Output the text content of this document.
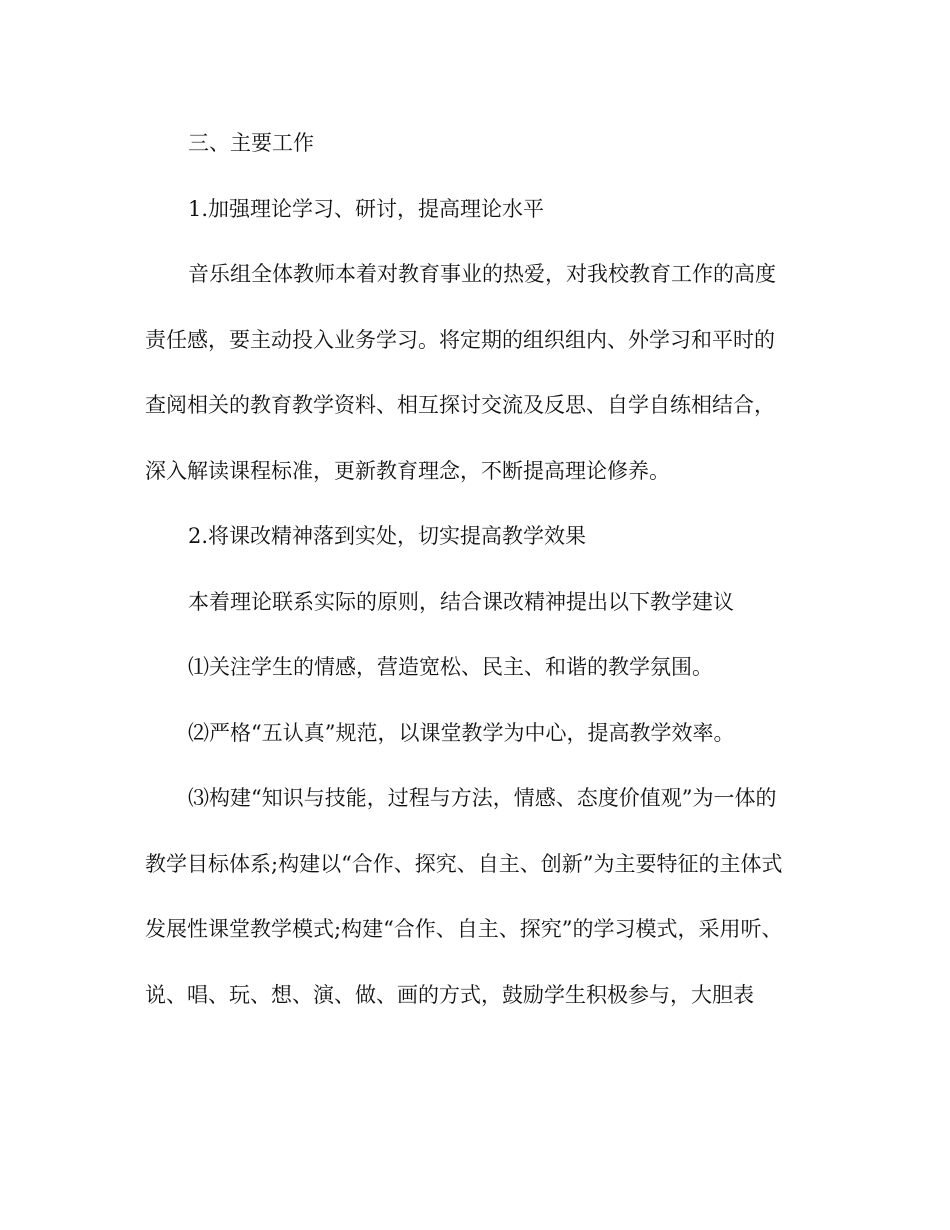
三、主要工作
1.加强理论学习、研讨，提高理论水平
音乐组全体教师本着对教育事业的热爱，对我校教育工作的高度
责任感，要主动投入业务学习。将定期的组织组内、外学习和平时的
查阅相关的教育教学资料、相互探讨交流及反思、自学自练相结合，
深入解读课程标准，更新教育理念，不断提高理论修养。
2.将课改精神落到实处，切实提高教学效果
本着理论联系实际的原则，结合课改精神提出以下教学建议
⑴关注学生的情感，营造宽松、民主、和谐的教学氛围。
⑵严格“五认真”规范，以课堂教学为中心，提高教学效率。
⑶构建“知识与技能，过程与方法，情感、态度价值观”为一体的
教学目标体系;构建以“合作、探究、自主、创新”为主要特征的主体式
发展性课堂教学模式;构建“合作、自主、探究”的学习模式，采用听、
说、唱、玩、想、演、做、画的方式，鼓励学生积极参与，大胆表
